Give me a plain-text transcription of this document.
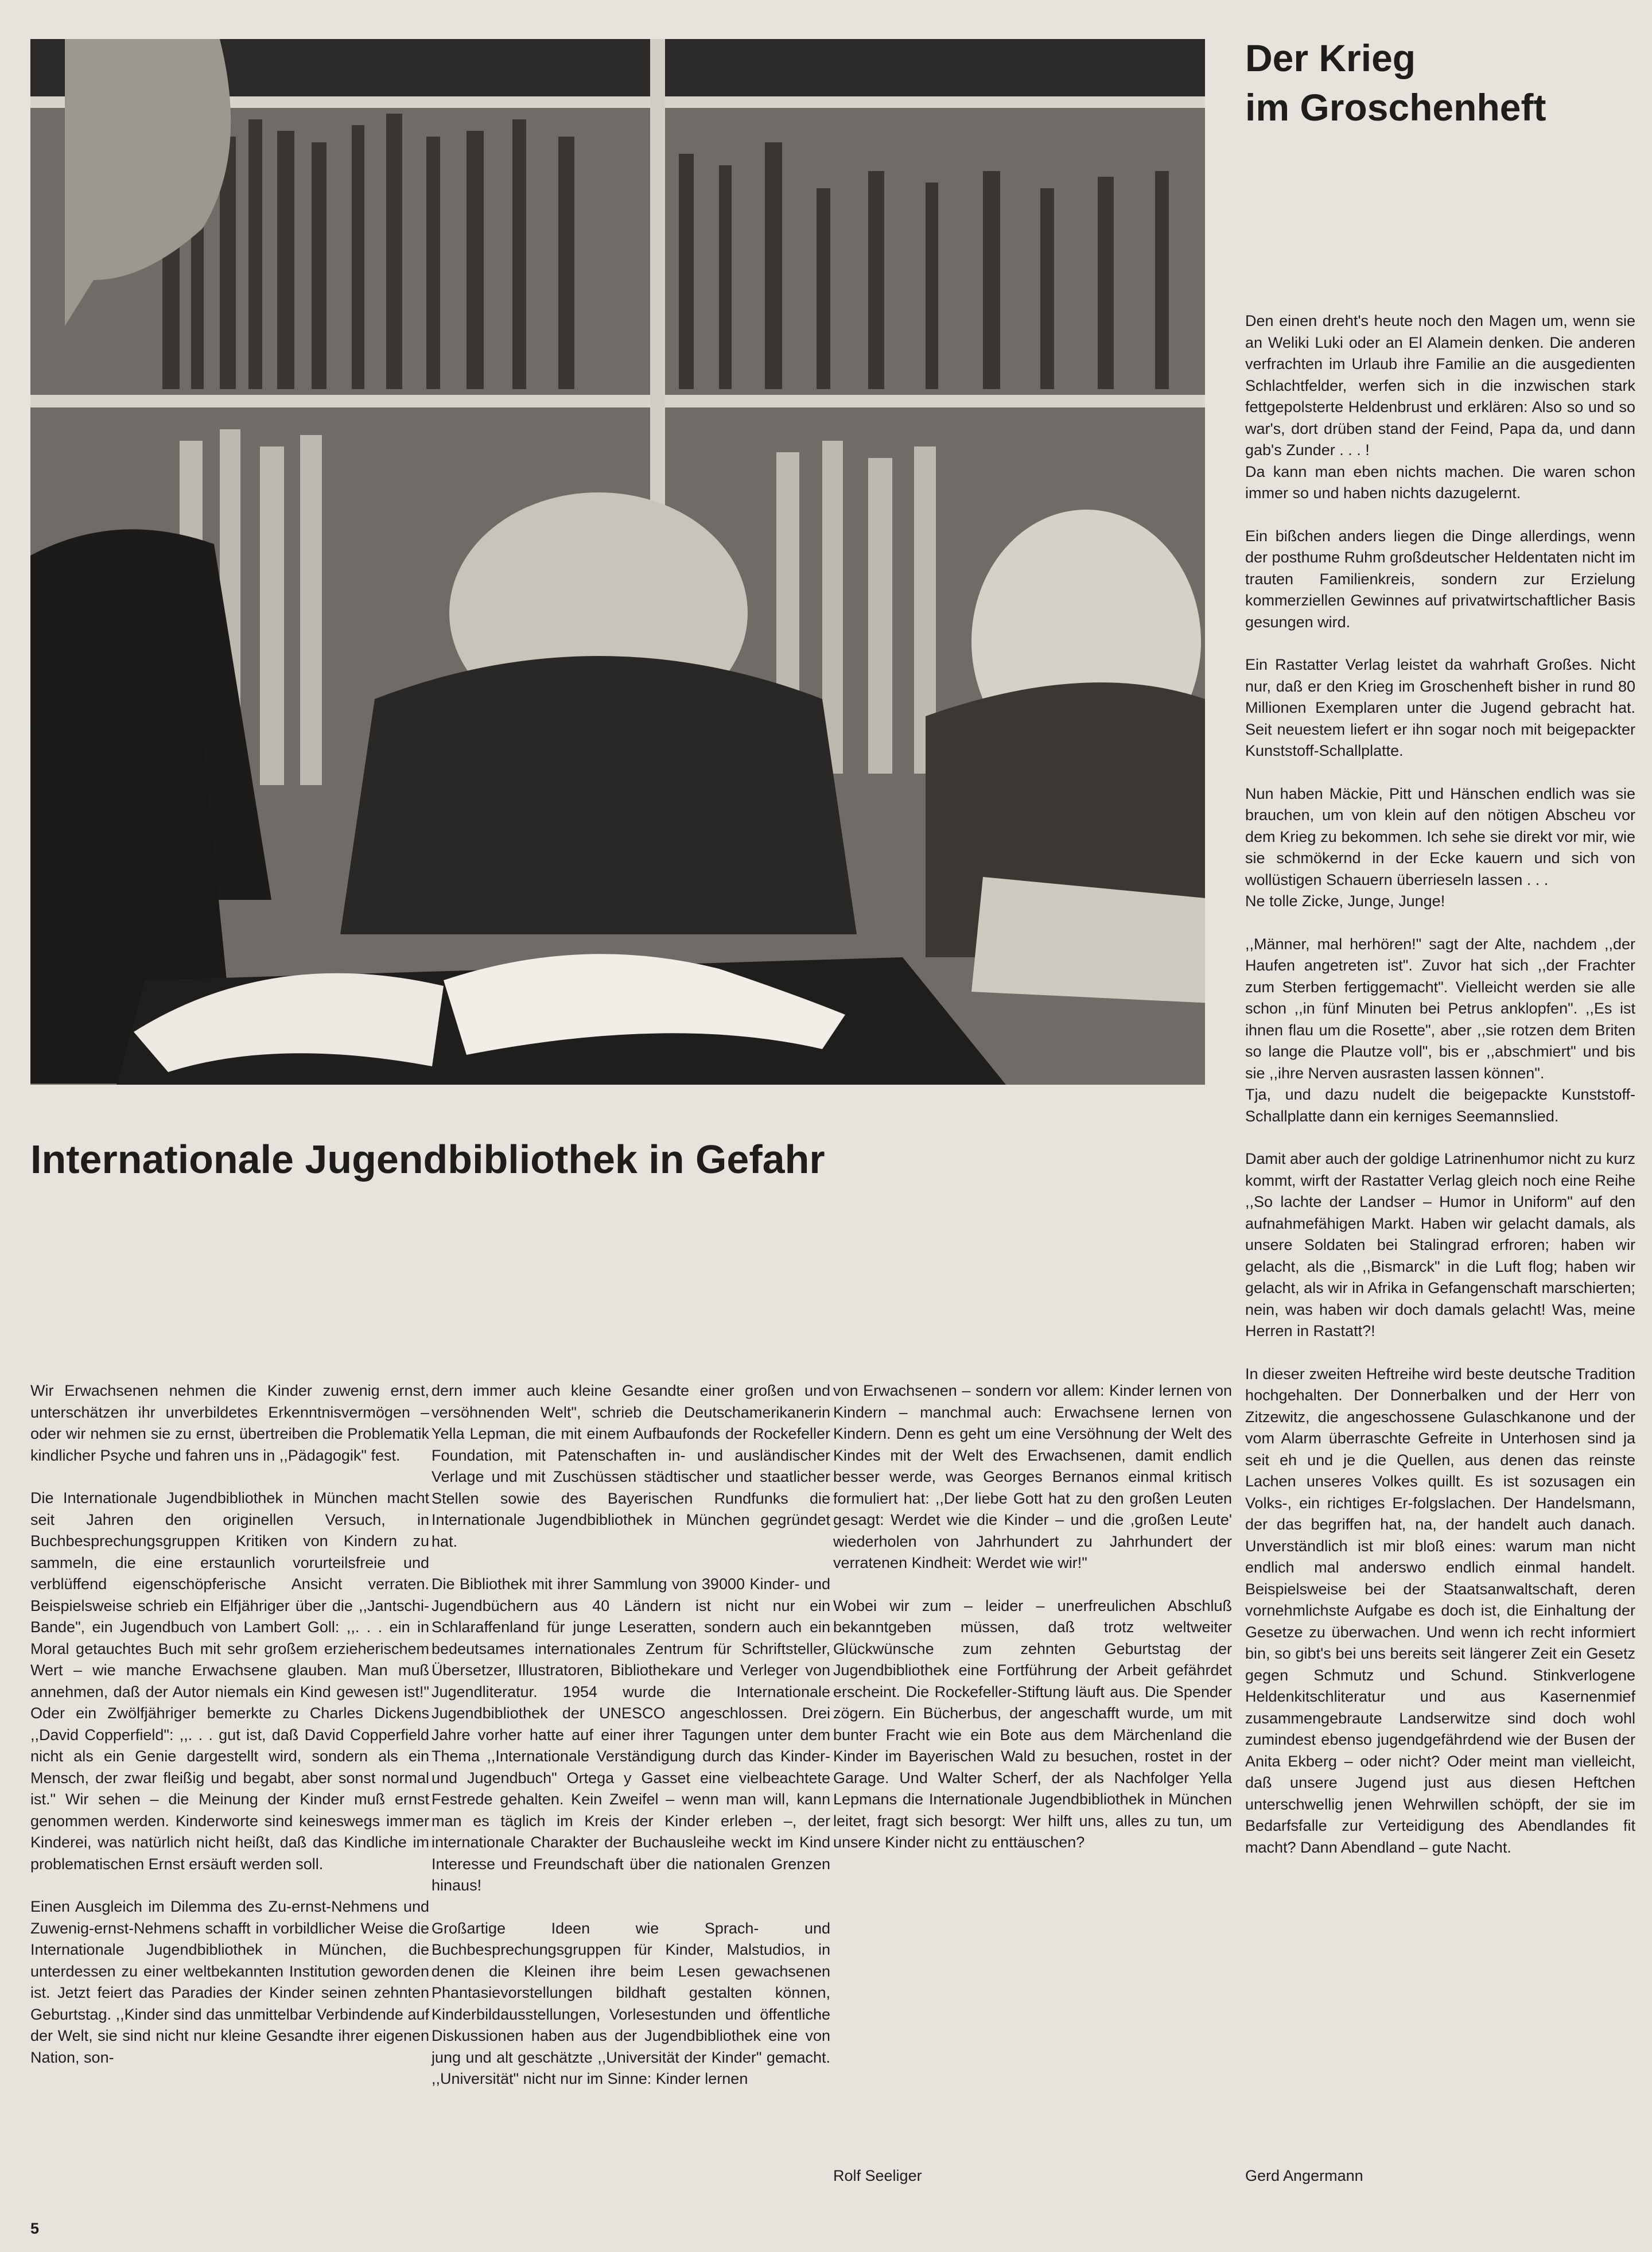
Der Krieg
im Groschenheft

Den einen dreht's heute noch den Magen um, wenn sie an Weliki Luki oder an El Alamein denken. Die anderen verfrachten im Urlaub ihre Familie an die ausgedienten Schlachtfelder, werfen sich in die inzwischen stark fettgepolsterte Heldenbrust und erklären: Also so und so war's, dort drüben stand der Feind, Papa da, und dann gab's Zunder . . . !
Da kann man eben nichts machen. Die waren schon immer so und haben nichts dazugelernt.

Ein bißchen anders liegen die Dinge allerdings, wenn der posthume Ruhm großdeutscher Heldentaten nicht im trauten Familienkreis, sondern zur Erzielung kommerziellen Gewinnes auf privatwirtschaftlicher Basis gesungen wird.

Ein Rastatter Verlag leistet da wahrhaft Großes. Nicht nur, daß er den Krieg im Groschenheft bisher in rund 80 Millionen Exemplaren unter die Jugend gebracht hat. Seit neuestem liefert er ihn sogar noch mit beigepackter Kunststoff-Schallplatte.

Nun haben Mäckie, Pitt und Hänschen endlich was sie brauchen, um von klein auf den nötigen Abscheu vor dem Krieg zu bekommen. Ich sehe sie direkt vor mir, wie sie schmökernd in der Ecke kauern und sich von wollüstigen Schauern überrieseln lassen . . .
Ne tolle Zicke, Junge, Junge!

,,Männer, mal herhören!" sagt der Alte, nachdem ,,der Haufen angetreten ist". Zuvor hat sich ,,der Frachter zum Sterben fertiggemacht". Vielleicht werden sie alle schon ,,in fünf Minuten bei Petrus anklopfen". ,,Es ist ihnen flau um die Rosette", aber ,,sie rotzen dem Briten so lange die Plautze voll", bis er ,,abschmiert" und bis sie ,,ihre Nerven ausrasten lassen können".
Tja, und dazu nudelt die beigepackte Kunststoff-Schallplatte dann ein kerniges Seemannslied.

Damit aber auch der goldige Latrinenhumor nicht zu kurz kommt, wirft der Rastatter Verlag gleich noch eine Reihe ,,So lachte der Landser – Humor in Uniform" auf den aufnahmefähigen Markt. Haben wir gelacht damals, als unsere Soldaten bei Stalingrad erfroren; haben wir gelacht, als die ,,Bismarck" in die Luft flog; haben wir gelacht, als wir in Afrika in Gefangenschaft marschierten; nein, was haben wir doch damals gelacht! Was, meine Herren in Rastatt?!

In dieser zweiten Heftreihe wird beste deutsche Tradition hochgehalten. Der Donnerbalken und der Herr von Zitzewitz, die angeschossene Gulaschkanone und der vom Alarm überraschte Gefreite in Unterhosen sind ja seit eh und je die Quellen, aus denen das reinste Lachen unseres Volkes quillt. Es ist sozusagen ein Volks-, ein richtiges Er-folgslachen. Der Handelsmann, der das begriffen hat, na, der handelt auch danach. Unverständlich ist mir bloß eines: warum man nicht endlich mal anderswo endlich einmal handelt. Beispielsweise bei der Staatsanwaltschaft, deren vornehmlichste Aufgabe es doch ist, die Einhaltung der Gesetze zu überwachen. Und wenn ich recht informiert bin, so gibt's bei uns bereits seit längerer Zeit ein Gesetz gegen Schmutz und Schund. Stinkverlogene Heldenkitschliteratur und aus Kasernenmief zusammengebraute Landserwitze sind doch wohl zumindest ebenso jugendgefährdend wie der Busen der Anita Ekberg – oder nicht? Oder meint man vielleicht, daß unsere Jugend just aus diesen Heftchen unterschwellig jenen Wehrwillen schöpft, der sie im Bedarfsfalle zur Verteidigung des Abendlandes fit macht? Dann Abendland – gute Nacht.

Internationale Jugendbibliothek in Gefahr

Wir Erwachsenen nehmen die Kinder zuwenig ernst, unterschätzen ihr unverbildetes Erkenntnisvermögen – oder wir nehmen sie zu ernst, übertreiben die Problematik kindlicher Psyche und fahren uns in ,,Pädagogik" fest.

Die Internationale Jugendbibliothek in München macht seit Jahren den originellen Versuch, in Buchbesprechungsgruppen Kritiken von Kindern zu sammeln, die eine erstaunlich vorurteilsfreie und verblüffend eigenschöpferische Ansicht verraten. Beispielsweise schrieb ein Elfjähriger über die ,,Jantschi-Bande", ein Jugendbuch von Lambert Goll: ,,. . . ein in Moral getauchtes Buch mit sehr großem erzieherischem Wert – wie manche Erwachsene glauben. Man muß annehmen, daß der Autor niemals ein Kind gewesen ist!" Oder ein Zwölfjähriger bemerkte zu Charles Dickens ,,David Copperfield": ,,. . . gut ist, daß David Copperfield nicht als ein Genie dargestellt wird, sondern als ein Mensch, der zwar fleißig und begabt, aber sonst normal ist." Wir sehen – die Meinung der Kinder muß ernst genommen werden. Kinderworte sind keineswegs immer Kinderei, was natürlich nicht heißt, daß das Kindliche im problematischen Ernst ersäuft werden soll.

Einen Ausgleich im Dilemma des Zu-ernst-Nehmens und Zuwenig-ernst-Nehmens schafft in vorbildlicher Weise die Internationale Jugendbibliothek in München, die unterdessen zu einer weltbekannten Institution geworden ist. Jetzt feiert das Paradies der Kinder seinen zehnten Geburtstag. ,,Kinder sind das unmittelbar Verbindende auf der Welt, sie sind nicht nur kleine Gesandte ihrer eigenen Nation, son-

dern immer auch kleine Gesandte einer großen und versöhnenden Welt", schrieb die Deutschamerikanerin Yella Lepman, die mit einem Aufbaufonds der Rockefeller Foundation, mit Patenschaften in- und ausländischer Verlage und mit Zuschüssen städtischer und staatlicher Stellen sowie des Bayerischen Rundfunks die Internationale Jugendbibliothek in München gegründet hat.

Die Bibliothek mit ihrer Sammlung von 39000 Kinder- und Jugendbüchern aus 40 Ländern ist nicht nur ein Schlaraffenland für junge Leseratten, sondern auch ein bedeutsames internationales Zentrum für Schriftsteller, Übersetzer, Illustratoren, Bibliothekare und Verleger von Jugendliteratur. 1954 wurde die Internationale Jugendbibliothek der UNESCO angeschlossen. Drei Jahre vorher hatte auf einer ihrer Tagungen unter dem Thema ,,Internationale Verständigung durch das Kinder- und Jugendbuch" Ortega y Gasset eine vielbeachtete Festrede gehalten. Kein Zweifel – wenn man will, kann man es täglich im Kreis der Kinder erleben –, der internationale Charakter der Buchausleihe weckt im Kind Interesse und Freundschaft über die nationalen Grenzen hinaus!

Großartige Ideen wie Sprach- und Buchbesprechungsgruppen für Kinder, Malstudios, in denen die Kleinen ihre beim Lesen gewachsenen Phantasievorstellungen bildhaft gestalten können, Kinderbildausstellungen, Vorlesestunden und öffentliche Diskussionen haben aus der Jugendbibliothek eine von jung und alt geschätzte ,,Universität der Kinder" gemacht. ,,Universität" nicht nur im Sinne: Kinder lernen

von Erwachsenen – sondern vor allem: Kinder lernen von Kindern – manchmal auch: Erwachsene lernen von Kindern. Denn es geht um eine Versöhnung der Welt des Kindes mit der Welt des Erwachsenen, damit endlich besser werde, was Georges Bernanos einmal kritisch formuliert hat: ,,Der liebe Gott hat zu den großen Leuten gesagt: Werdet wie die Kinder – und die ,großen Leute' wiederholen von Jahrhundert zu Jahrhundert der verratenen Kindheit: Werdet wie wir!"

Wobei wir zum – leider – unerfreulichen Abschluß bekanntgeben müssen, daß trotz weltweiter Glückwünsche zum zehnten Geburtstag der Jugendbibliothek eine Fortführung der Arbeit gefährdet erscheint. Die Rockefeller-Stiftung läuft aus. Die Spender zögern. Ein Bücherbus, der angeschafft wurde, um mit bunter Fracht wie ein Bote aus dem Märchenland die Kinder im Bayerischen Wald zu besuchen, rostet in der Garage. Und Walter Scherf, der als Nachfolger Yella Lepmans die Internationale Jugendbibliothek in München leitet, fragt sich besorgt: Wer hilft uns, alles zu tun, um unsere Kinder nicht zu enttäuschen?

Rolf Seeliger	Gerd Angermann
5
